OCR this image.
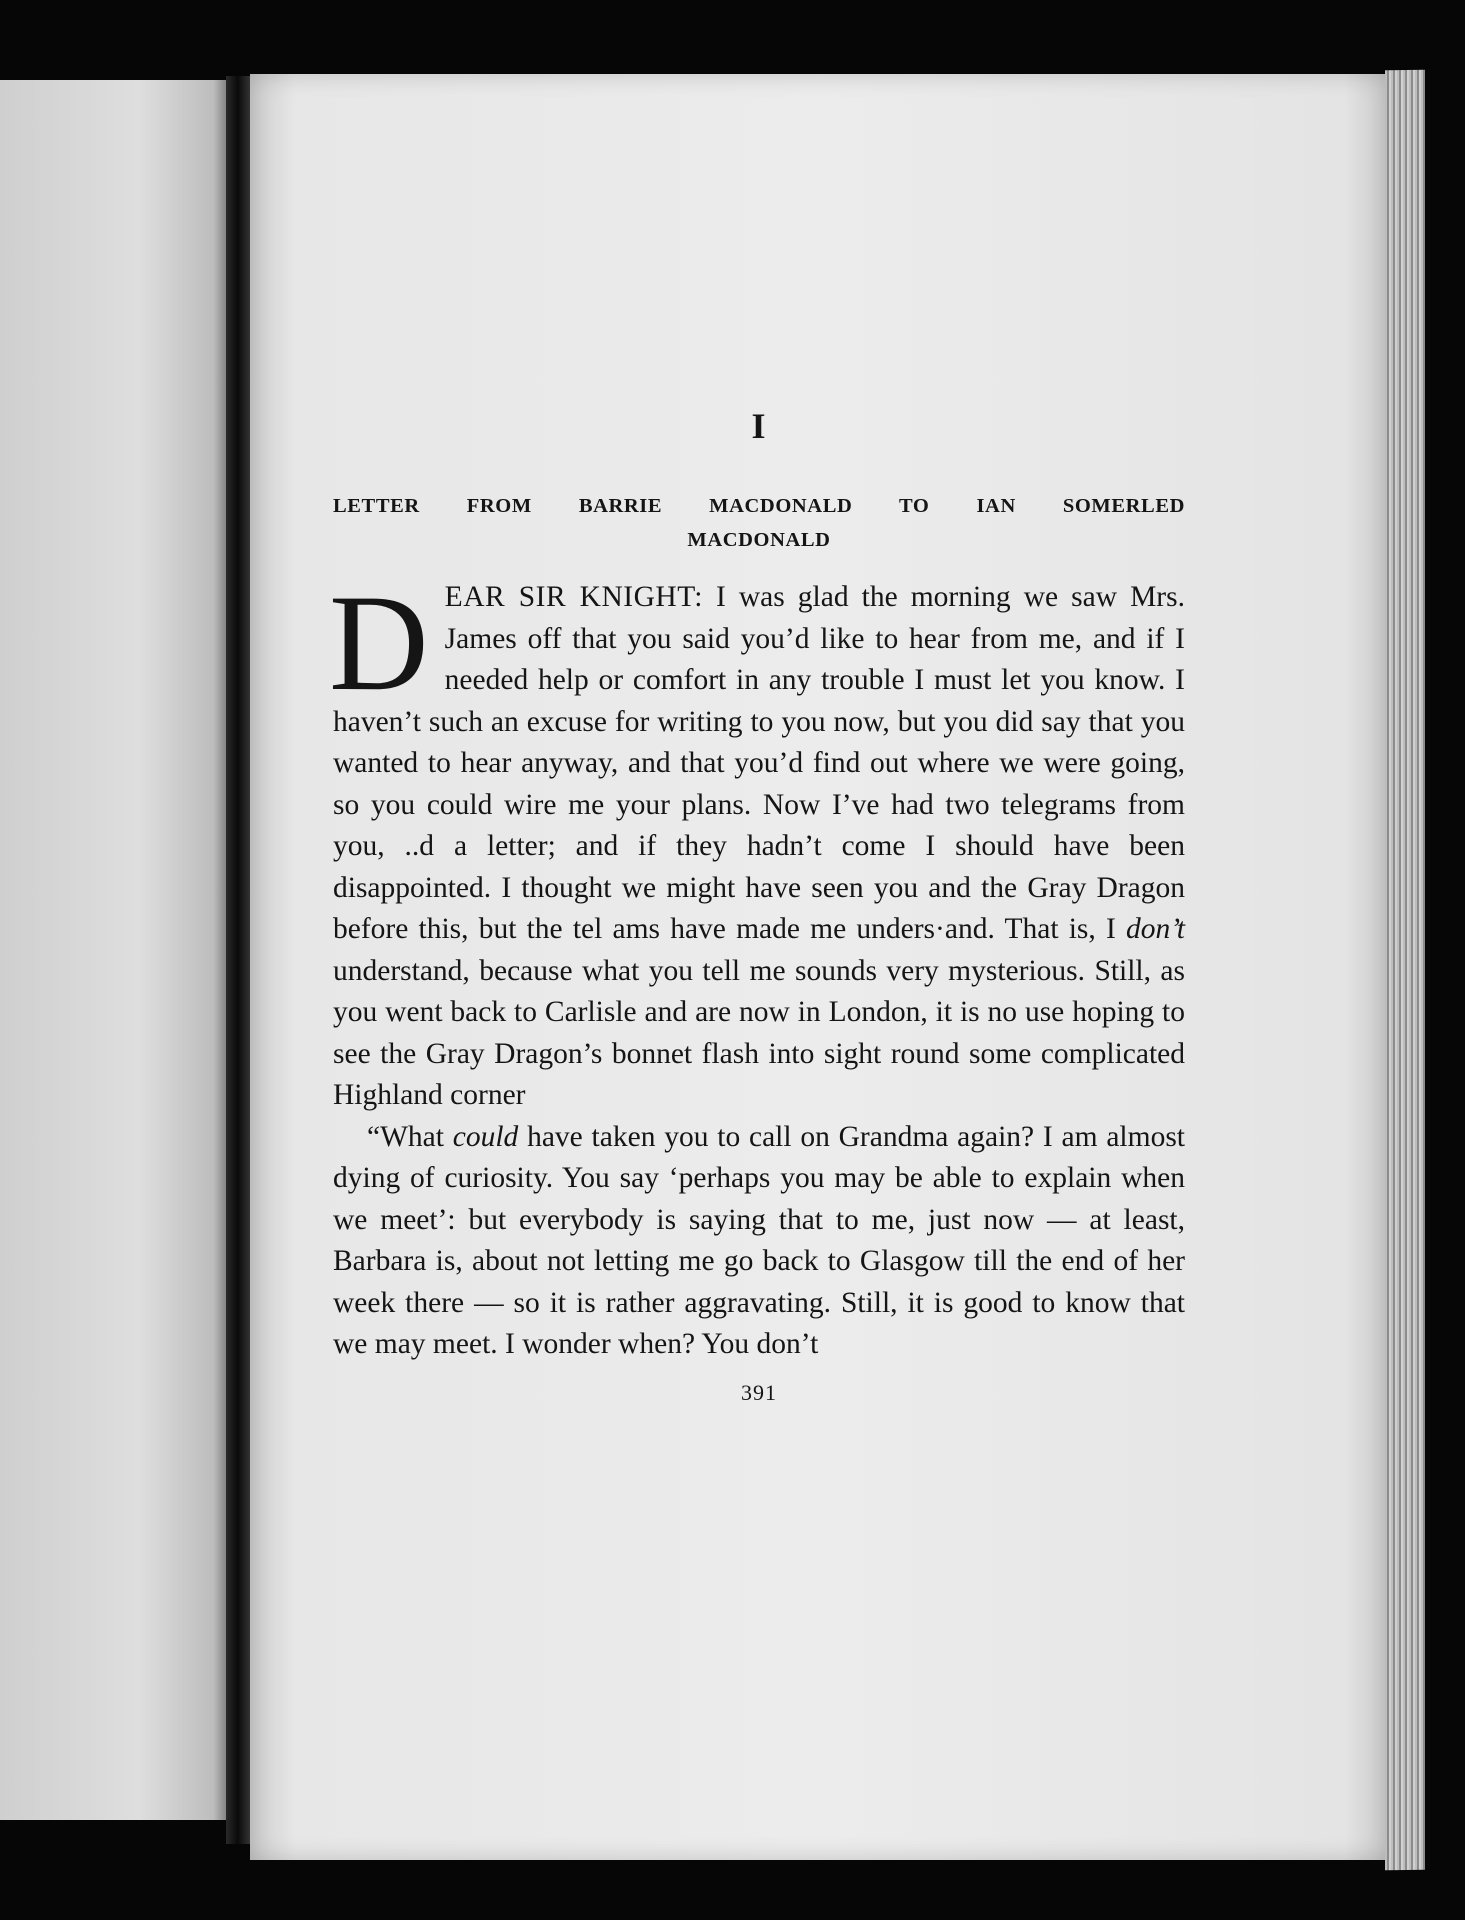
I
LETTER FROM BARRIE MACDONALD TO IAN SOMERLED
MACDONALD

DEAR SIR KNIGHT: I was glad the morning we saw Mrs. James off that you said you’d like to hear from me, and if I needed help or comfort in any trouble I must let you know. I haven’t such an excuse for writing to you now, but you did say that you wanted to hear anyway, and that you’d find out where we were going, so you could wire me your plans. Now I’ve had two telegrams from you, ..d a letter; and if they hadn’t come I should have been disappointed. I thought we might have seen you and the Gray Dragon before this, but the tel ams have made me unders·and. That is, I don’t understand, because what you tell me sounds very mysterious. Still, as you went back to Carlisle and are now in London, it is no use hoping to see the Gray Dragon’s bonnet flash into sight round some complicated Highland corner

“What could have taken you to call on Grandma again? I am almost dying of curiosity. You say ‘perhaps you may be able to explain when we meet’: but everybody is saying that to me, just now — at least, Barbara is, about not letting me go back to Glasgow till the end of her week there — so it is rather aggravating. Still, it is good to know that we may meet. I wonder when? You don’t

391
